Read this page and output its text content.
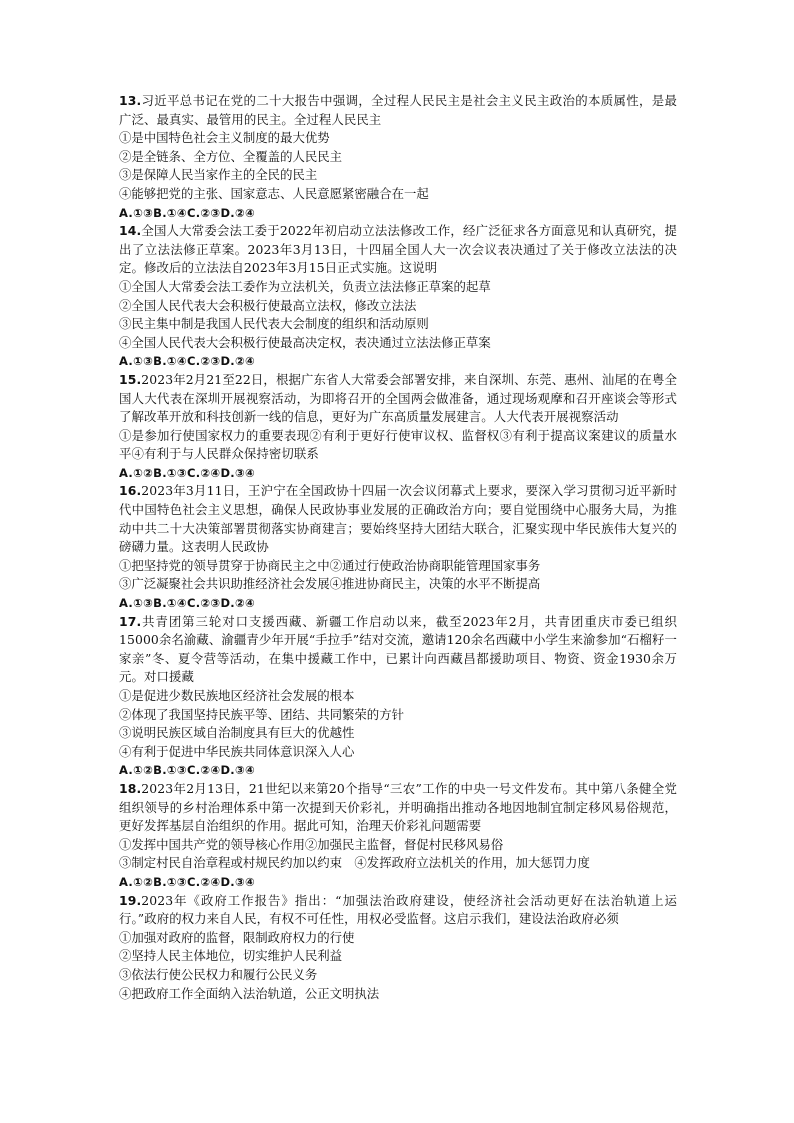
13.习近平总书记在党的二十大报告中强调，全过程人民民主是社会主义民主政治的本质属性，是最广泛、最真实、最管用的民主。全过程人民民主

①是中国特色社会主义制度的最大优势

②是全链条、全方位、全覆盖的人民民主

③是保障人民当家作主的全民的民主

④能够把党的主张、国家意志、人民意愿紧密融合在一起

A.①③B.①④C.②③D.②④

14.全国人大常委会法工委于2022年初启动立法法修改工作，经广泛征求各方面意见和认真研究，提出了立法法修正草案。2023年3月13日，十四届全国人大一次会议表决通过了关于修改立法法的决定。修改后的立法法自2023年3月15日正式实施。这说明

①全国人大常委会法工委作为立法机关，负责立法法修正草案的起草

②全国人民代表大会积极行使最高立法权，修改立法法

③民主集中制是我国人民代表大会制度的组织和活动原则

④全国人民代表大会积极行使最高决定权，表决通过立法法修正草案

A.①③B.①④C.②③D.②④

15.2023年2月21至22日，根据广东省人大常委会部署安排，来自深圳、东莞、惠州、汕尾的在粤全国人大代表在深圳开展视察活动，为即将召开的全国两会做准备，通过现场观摩和召开座谈会等形式了解改革开放和科技创新一线的信息，更好为广东高质量发展建言。人大代表开展视察活动

①是参加行使国家权力的重要表现②有利于更好行使审议权、监督权③有利于提高议案建议的质量水平④有利于与人民群众保持密切联系

A.①②B.①③C.②④D.③④

16.2023年3月11日，王沪宁在全国政协十四届一次会议闭幕式上要求，要深入学习贯彻习近平新时代中国特色社会主义思想，确保人民政协事业发展的正确政治方向；要自觉围绕中心服务大局，为推动中共二十大决策部署贯彻落实协商建言；要始终坚持大团结大联合，汇聚实现中华民族伟大复兴的磅礴力量。这表明人民政协

①把坚持党的领导贯穿于协商民主之中②通过行使政治协商职能管理国家事务

③广泛凝聚社会共识助推经济社会发展④推进协商民主，决策的水平不断提高

A.①③B.①④C.②③D.②④

17.共青团第三轮对口支援西藏、新疆工作启动以来，截至2023年2月，共青团重庆市委已组织15000余名渝藏、渝疆青少年开展“手拉手”结对交流，邀请120余名西藏中小学生来渝参加“石榴籽一家亲”冬、夏令营等活动，在集中援藏工作中，已累计向西藏昌都援助项目、物资、资金1930余万元。对口援藏

①是促进少数民族地区经济社会发展的根本

②体现了我国坚持民族平等、团结、共同繁荣的方针

③说明民族区域自治制度具有巨大的优越性

④有利于促进中华民族共同体意识深入人心

A.①②B.①③C.②④D.③④

18.2023年2月13日，21世纪以来第20个指导“三农”工作的中央一号文件发布。其中第八条健全党组织领导的乡村治理体系中第一次提到天价彩礼，并明确指出推动各地因地制宜制定移风易俗规范，更好发挥基层自治组织的作用。据此可知，治理天价彩礼问题需要

①发挥中国共产党的领导核心作用②加强民主监督，督促村民移风易俗

③制定村民自治章程或村规民约加以约束　④发挥政府立法机关的作用，加大惩罚力度

A.①②B.①③C.②④D.③④

19.2023年《政府工作报告》指出：“加强法治政府建设，使经济社会活动更好在法治轨道上运行。”政府的权力来自人民，有权不可任性，用权必受监督。这启示我们，建设法治政府必须

①加强对政府的监督，限制政府权力的行使

②坚持人民主体地位，切实维护人民利益

③依法行使公民权力和履行公民义务

④把政府工作全面纳入法治轨道，公正文明执法
